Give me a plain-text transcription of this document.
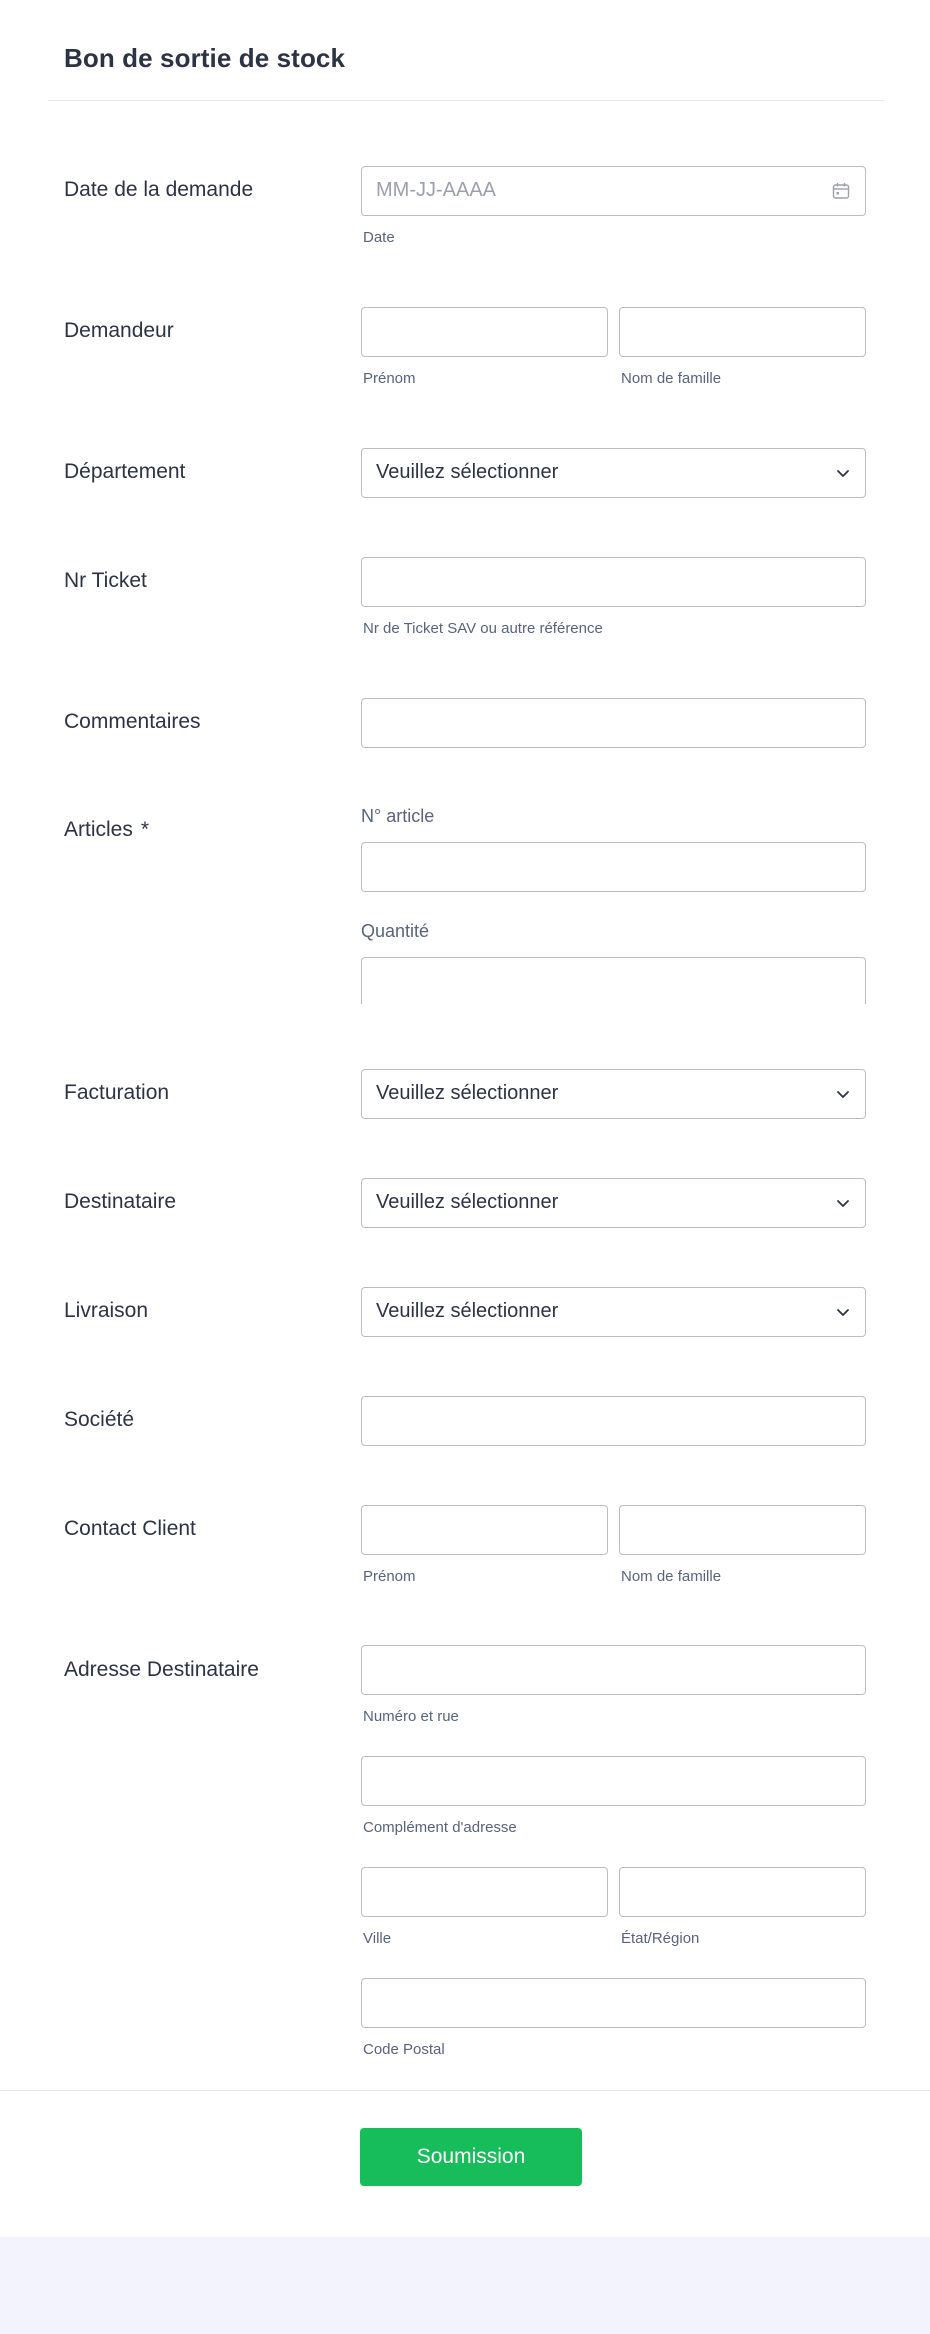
Bon de sortie de stock
Date de la demande	MM-JJ-AAAA
Date
Demandeur
Prénom	Nom de famille
Département	Veuillez sélectionner
Nr Ticket
Nr de Ticket SAV ou autre référence
Commentaires
Articles *
N° article
Quantité
Facturation	Veuillez sélectionner
Destinataire	Veuillez sélectionner
Livraison	Veuillez sélectionner
Société
Contact Client
Prénom	Nom de famille
Adresse Destinataire
Numéro et rue
Complément d'adresse
Ville	État/Région
Code Postal
Soumission
